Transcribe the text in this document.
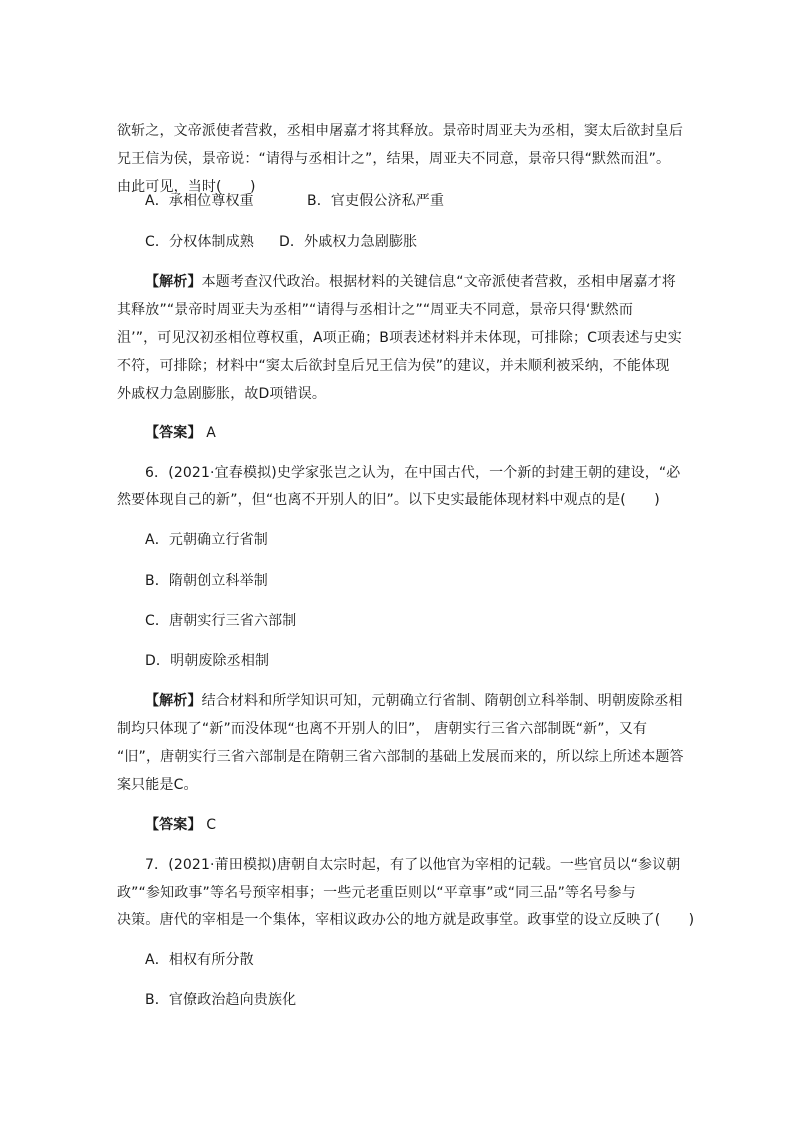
欲斩之，文帝派使者营救，丞相申屠嘉才将其释放。景帝时周亚夫为丞相，窦太后欲封皇后
兄王信为侯，景帝说：“请得与丞相计之”，结果，周亚夫不同意，景帝只得“默然而沮”。
由此可见，当时(　　)
A．承相位尊权重	B．官吏假公济私严重
C．分权体制成熟 D．外戚权力急剧膨胀
【解析】本题考查汉代政治。根据材料的关键信息“文帝派使者营救，丞相申屠嘉才将
其释放”“景帝时周亚夫为丞相”“请得与丞相计之”“周亚夫不同意，景帝只得‘默然而
沮’”，可见汉初丞相位尊权重，A项正确；B项表述材料并未体现，可排除；C项表述与史实
不符，可排除；材料中“窦太后欲封皇后兄王信为侯”的建议，并未顺利被采纳，不能体现
外戚权力急剧膨胀，故D项错误。
【答案】 A
6．(2021·宜春模拟)史学家张岂之认为，在中国古代，一个新的封建王朝的建设，“必
然要体现自己的新”，但“也离不开别人的旧”。以下史实最能体现材料中观点的是(　　)
A．元朝确立行省制
B．隋朝创立科举制
C．唐朝实行三省六部制
D．明朝废除丞相制
【解析】结合材料和所学知识可知，元朝确立行省制、隋朝创立科举制、明朝废除丞相
制均只体现了“新”而没体现“也离不开别人的旧”， 唐朝实行三省六部制既“新”，又有
“旧”，唐朝实行三省六部制是在隋朝三省六部制的基础上发展而来的，所以综上所述本题答
案只能是C。
【答案】 C
7．(2021·莆田模拟)唐朝自太宗时起，有了以他官为宰相的记载。一些官员以“参议朝
政”“参知政事”等名号预宰相事；一些元老重臣则以“平章事”或“同三品”等名号参与
决策。唐代的宰相是一个集体，宰相议政办公的地方就是政事堂。政事堂的设立反映了(　　)
A．相权有所分散
B．官僚政治趋向贵族化
